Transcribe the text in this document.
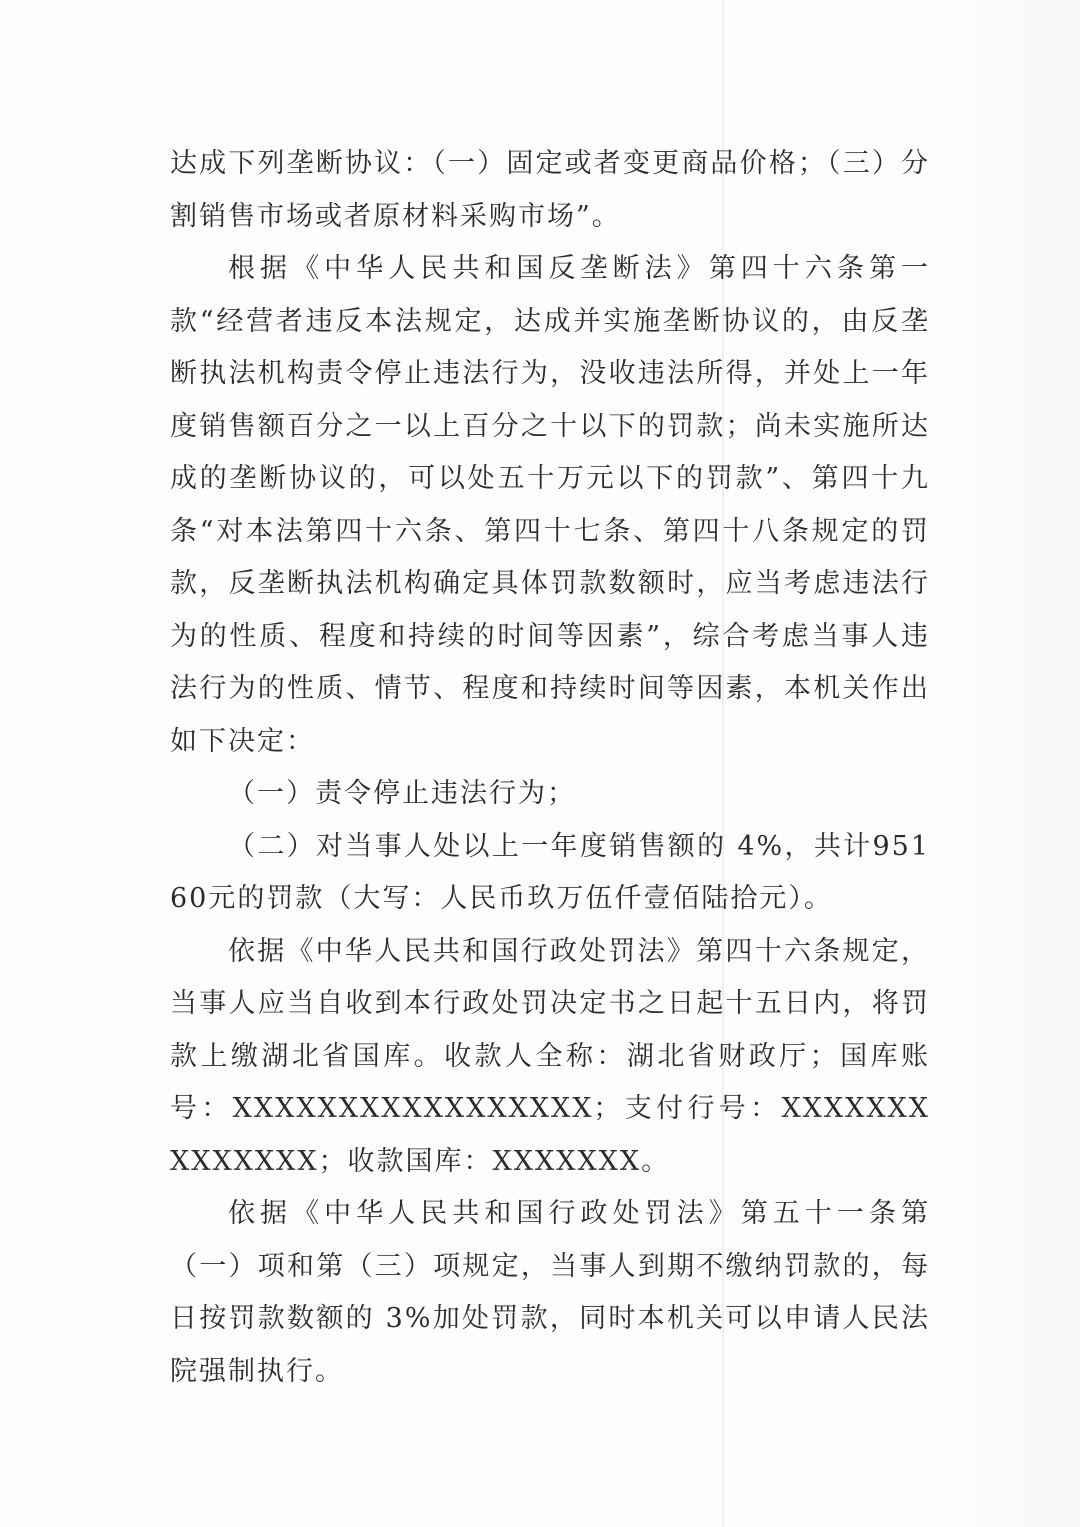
达成下列垄断协议：（一）固定或者变更商品价格；（三）分割销售市场或者原材料采购市场”。

根据《中华人民共和国反垄断法》第四十六条第一款“经营者违反本法规定，达成并实施垄断协议的，由反垄断执法机构责令停止违法行为，没收违法所得，并处上一年度销售额百分之一以上百分之十以下的罚款；尚未实施所达成的垄断协议的，可以处五十万元以下的罚款”、第四十九条“对本法第四十六条、第四十七条、第四十八条规定的罚款，反垄断执法机构确定具体罚款数额时，应当考虑违法行为的性质、程度和持续的时间等因素”，综合考虑当事人违法行为的性质、情节、程度和持续时间等因素，本机关作出如下决定：

（一）责令停止违法行为；

（二）对当事人处以上一年度销售额的 4%，共计95160元的罚款（大写：人民币玖万伍仟壹佰陆拾元）。

依据《中华人民共和国行政处罚法》第四十六条规定，当事人应当自收到本行政处罚决定书之日起十五日内，将罚款上缴湖北省国库。收款人全称：湖北省财政厅；国库账号：XXXXXXXXXXXXXXXXX；支付行号：XXXXXXXXXXXXXX；收款国库：XXXXXXX。

依据《中华人民共和国行政处罚法》第五十一条第（一）项和第（三）项规定，当事人到期不缴纳罚款的，每日按罚款数额的 3%加处罚款，同时本机关可以申请人民法院强制执行。
